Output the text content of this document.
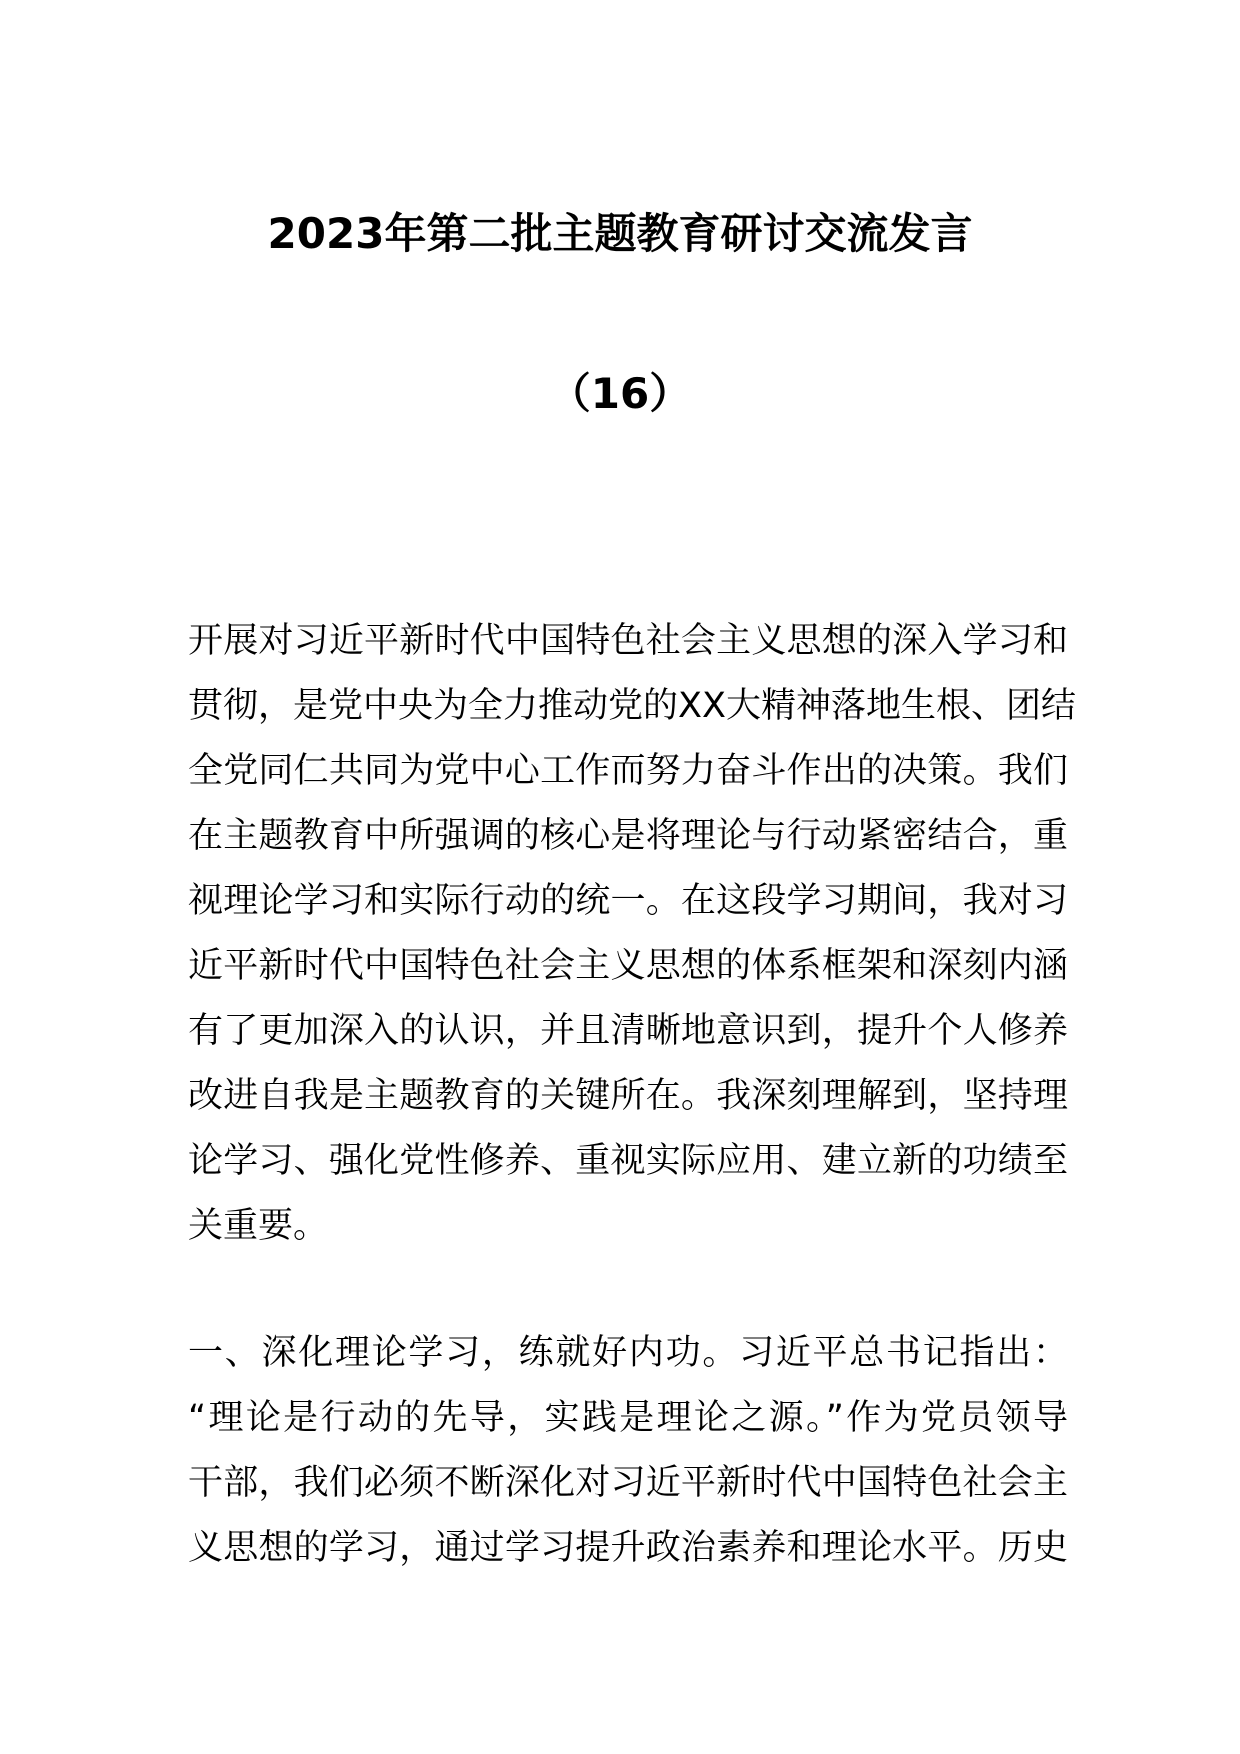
2023年第二批主题教育研讨交流发言
（16）
开展对习近平新时代中国特色社会主义思想的深入学习和
贯彻，是党中央为全力推动党的XX大精神落地生根、团结
全党同仁共同为党中心工作而努力奋斗作出的决策。我们
在主题教育中所强调的核心是将理论与行动紧密结合，重
视理论学习和实际行动的统一。在这段学习期间，我对习
近平新时代中国特色社会主义思想的体系框架和深刻内涵
有了更加深入的认识，并且清晰地意识到，提升个人修养
改进自我是主题教育的关键所在。我深刻理解到，坚持理
论学习、强化党性修养、重视实际应用、建立新的功绩至
关重要。
一、深化理论学习，练就好内功。习近平总书记指出：
“理论是行动的先导，实践是理论之源。”作为党员领导
干部，我们必须不断深化对习近平新时代中国特色社会主
义思想的学习，通过学习提升政治素养和理论水平。历史
